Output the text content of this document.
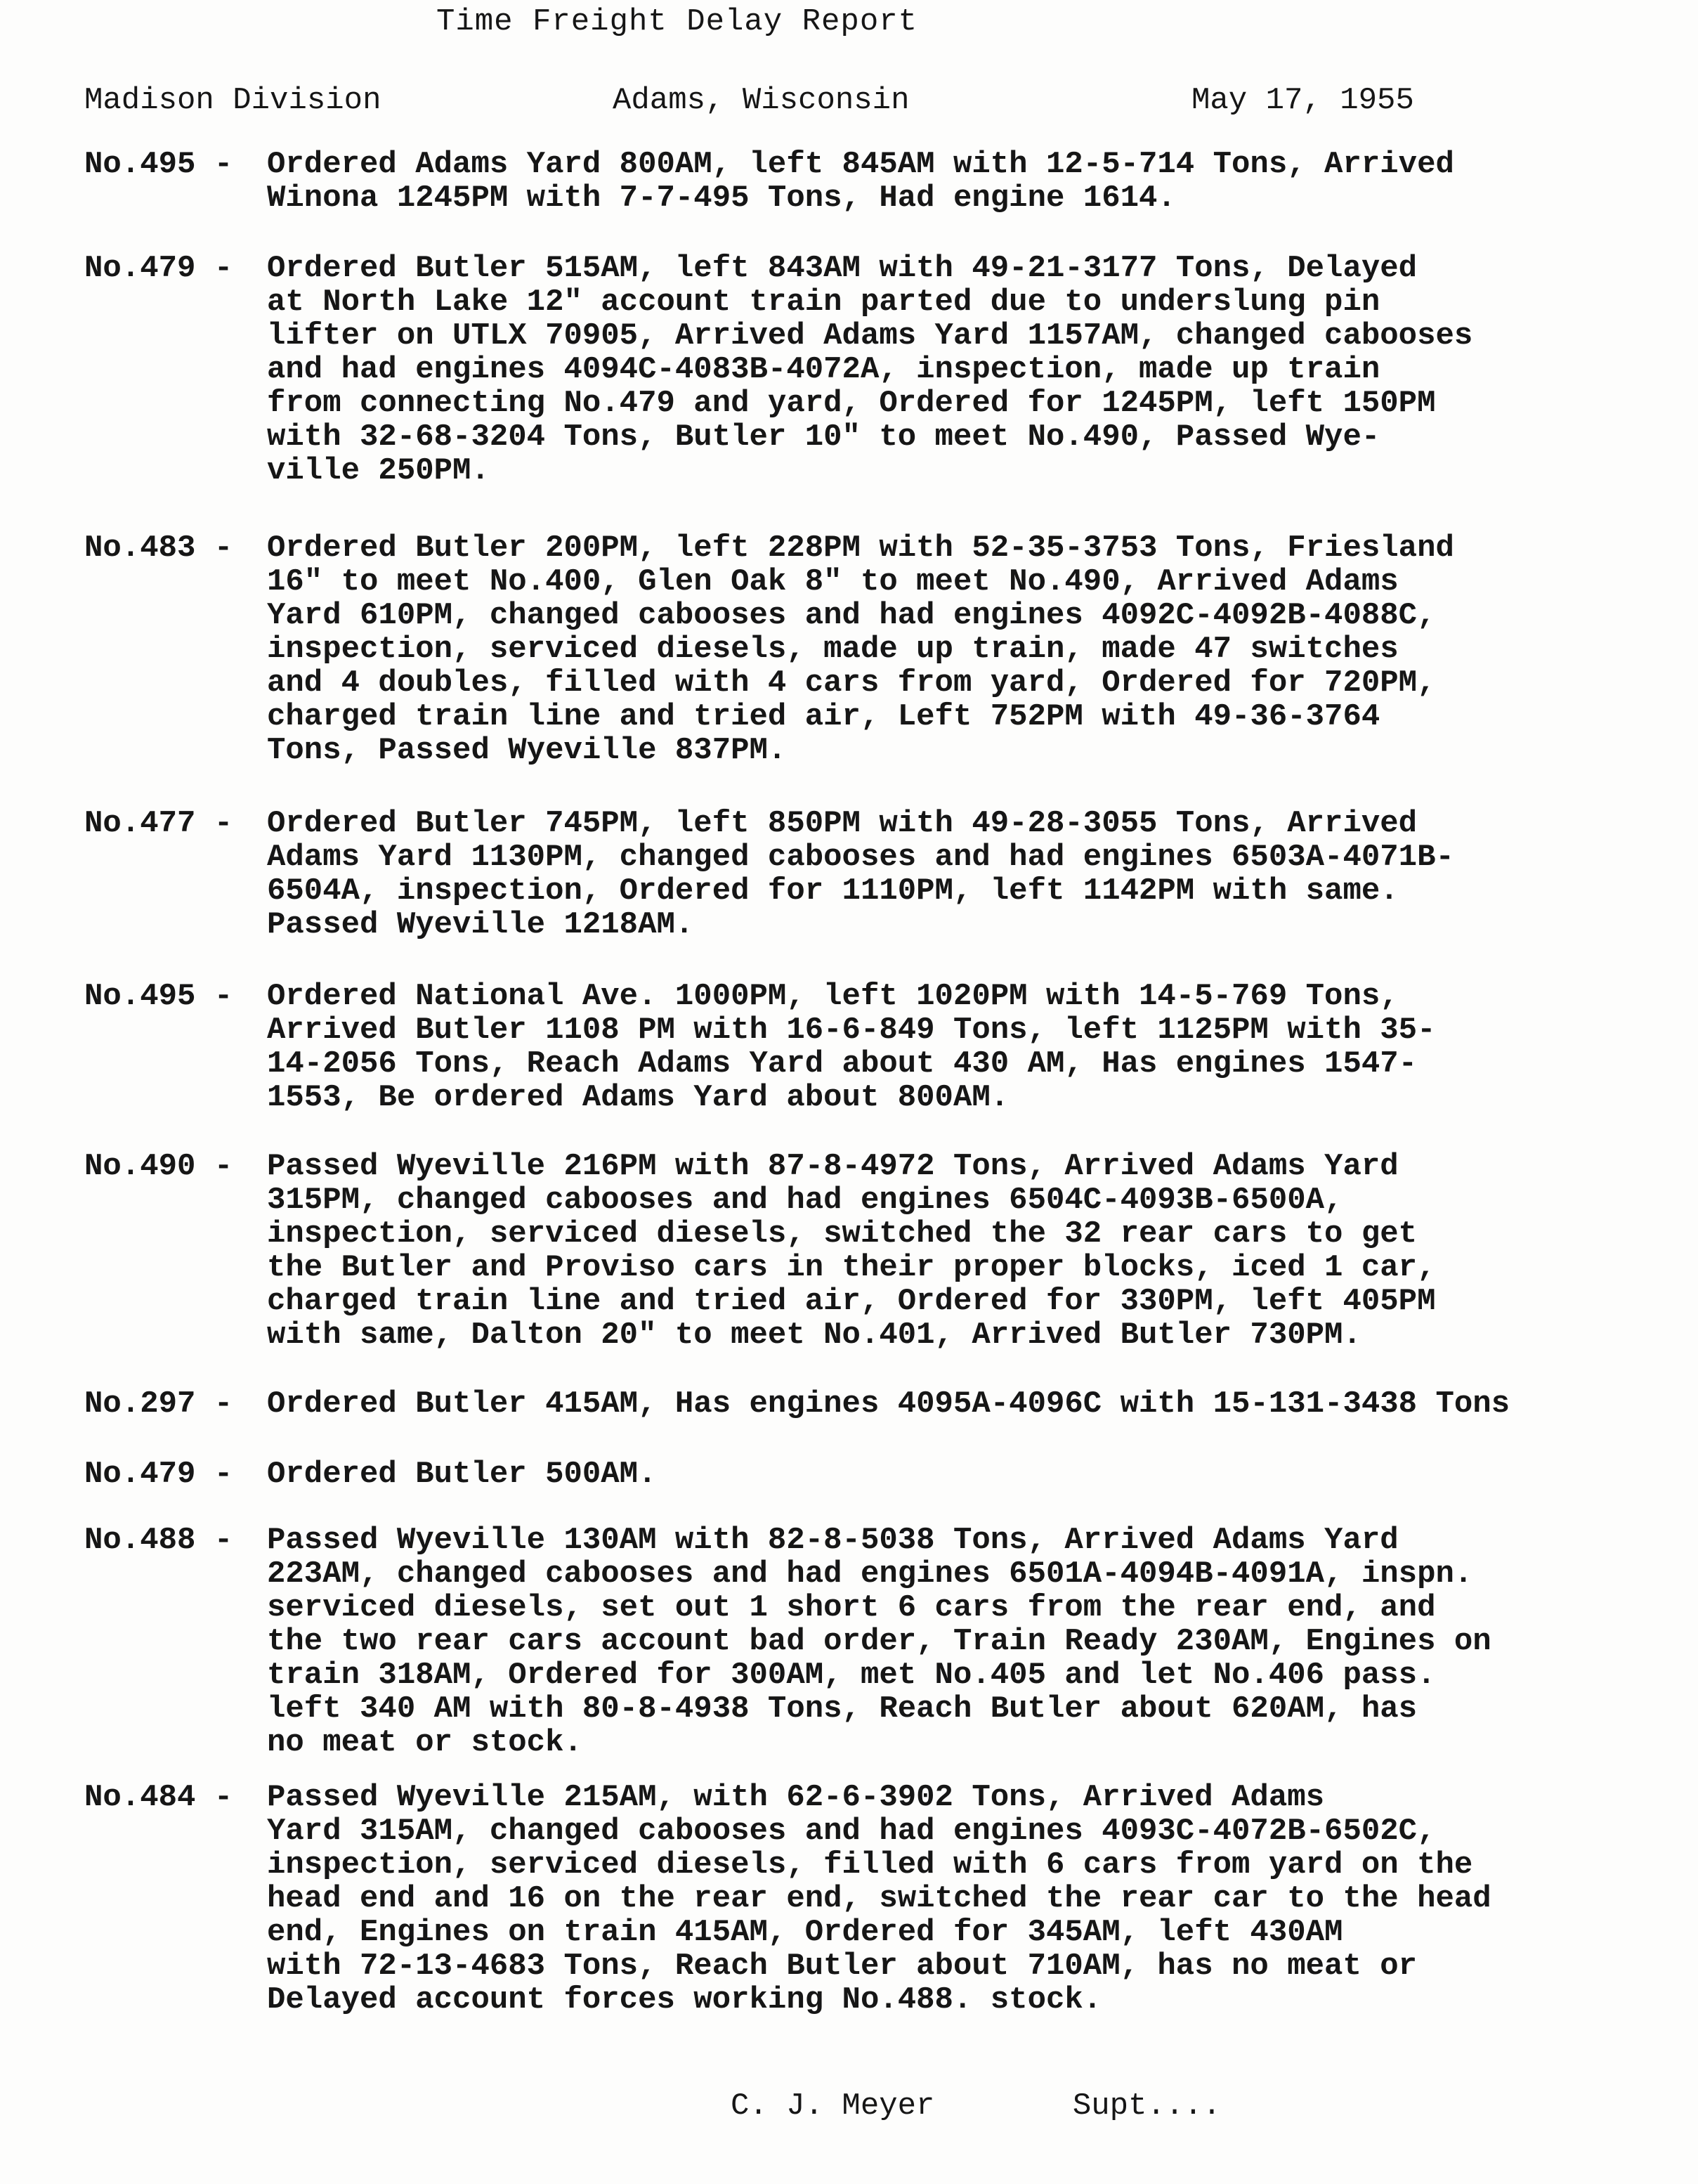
Time Freight Delay Report
Madison Division	Adams, Wisconsin	May 17, 1955
No.495 -	Ordered Adams Yard 800AM, left 845AM with 12-5-714 Tons, Arrived
Winona 1245PM with 7-7-495 Tons, Had engine 1614.
No.479 -	Ordered Butler 515AM, left 843AM with 49-21-3177 Tons, Delayed
at North Lake 12" account train parted due to underslung pin
lifter on UTLX 70905, Arrived Adams Yard 1157AM, changed cabooses
and had engines 4094C-4083B-4072A, inspection, made up train
from connecting No.479 and yard, Ordered for 1245PM, left 150PM
with 32-68-3204 Tons, Butler 10" to meet No.490, Passed Wye-
ville 250PM.
No.483 -	Ordered Butler 200PM, left 228PM with 52-35-3753 Tons, Friesland
16" to meet No.400, Glen Oak 8" to meet No.490, Arrived Adams
Yard 610PM, changed cabooses and had engines 4092C-4092B-4088C,
inspection, serviced diesels, made up train, made 47 switches
and 4 doubles, filled with 4 cars from yard, Ordered for 720PM,
charged train line and tried air, Left 752PM with 49-36-3764
Tons, Passed Wyeville 837PM.
No.477 -	Ordered Butler 745PM, left 850PM with 49-28-3055 Tons, Arrived
Adams Yard 1130PM, changed cabooses and had engines 6503A-4071B-
6504A, inspection, Ordered for 1110PM, left 1142PM with same.
Passed Wyeville 1218AM.
No.495 -	Ordered National Ave. 1000PM, left 1020PM with 14-5-769 Tons,
Arrived Butler 1108 PM with 16-6-849 Tons, left 1125PM with 35-
14-2056 Tons, Reach Adams Yard about 430 AM, Has engines 1547-
1553, Be ordered Adams Yard about 800AM.
No.490 -	Passed Wyeville 216PM with 87-8-4972 Tons, Arrived Adams Yard
315PM, changed cabooses and had engines 6504C-4093B-6500A,
inspection, serviced diesels, switched the 32 rear cars to get
the Butler and Proviso cars in their proper blocks, iced 1 car,
charged train line and tried air, Ordered for 330PM, left 405PM
with same, Dalton 20" to meet No.401, Arrived Butler 730PM.
No.297 -	Ordered Butler 415AM, Has engines 4095A-4096C with 15-131-3438 Tons
No.479 -	Ordered Butler 500AM.
No.488 -	Passed Wyeville 130AM with 82-8-5038 Tons, Arrived Adams Yard
223AM, changed cabooses and had engines 6501A-4094B-4091A, inspn.
serviced diesels, set out 1 short 6 cars from the rear end, and
the two rear cars account bad order, Train Ready 230AM, Engines on
train 318AM, Ordered for 300AM, met No.405 and let No.406 pass.
left 340 AM with 80-8-4938 Tons, Reach Butler about 620AM, has
no meat or stock.
No.484 -	Passed Wyeville 215AM, with 62-6-3902 Tons, Arrived Adams
Yard 315AM, changed cabooses and had engines 4093C-4072B-6502C,
inspection, serviced diesels, filled with 6 cars from yard on the
head end and 16 on the rear end, switched the rear car to the head
end, Engines on train 415AM, Ordered for 345AM, left 430AM
with 72-13-4683 Tons, Reach Butler about 710AM, has no meat or
Delayed account forces working No.488. stock.
C. J. Meyer	Supt....
